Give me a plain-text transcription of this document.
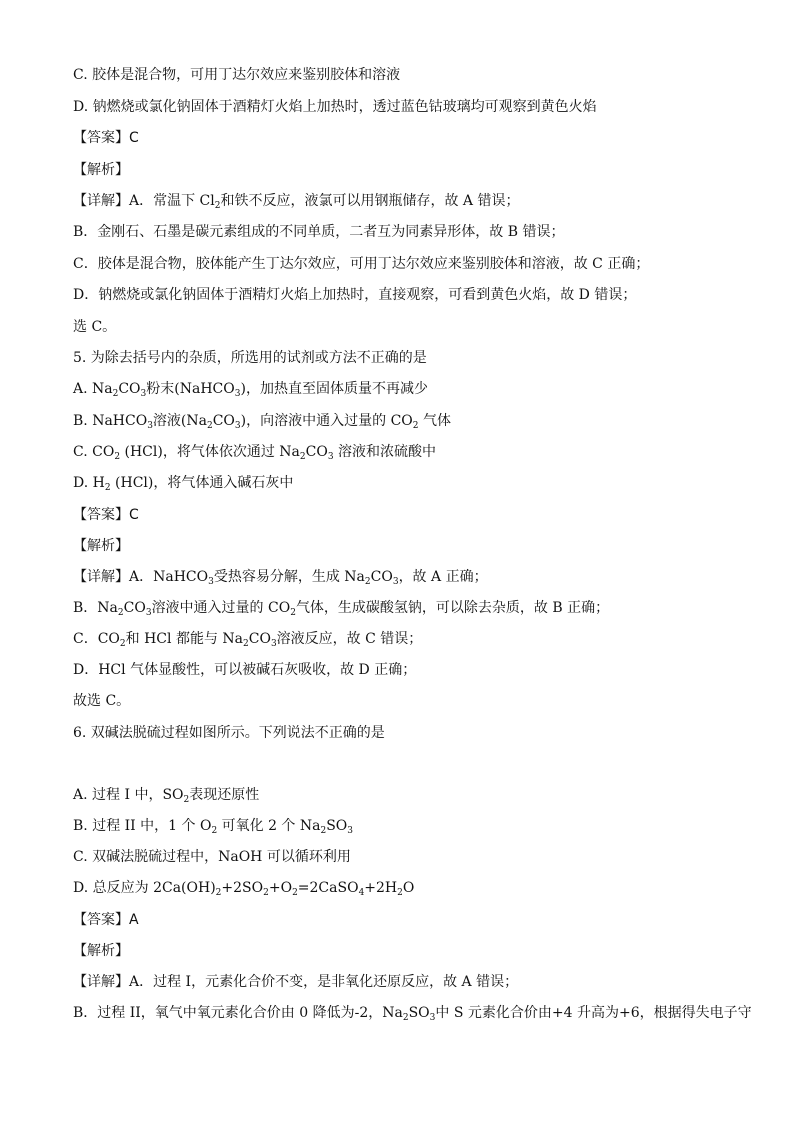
C. 胶体是混合物，可用丁达尔效应来鉴别胶体和溶液
D. 钠燃烧或氯化钠固体于酒精灯火焰上加热时，透过蓝色钴玻璃均可观察到黄色火焰
【答案】C
【解析】
【详解】A．常温下 $Cl_2$和铁不反应，液氯可以用钢瓶储存，故 A 错误；
B．金刚石、石墨是碳元素组成的不同单质，二者互为同素异形体，故 B 错误；
C．胶体是混合物，胶体能产生丁达尔效应，可用丁达尔效应来鉴别胶体和溶液，故 C 正确；
D．钠燃烧或氯化钠固体于酒精灯火焰上加热时，直接观察，可看到黄色火焰，故 D 错误；
选 C。
5. 为除去括号内的杂质，所选用的试剂或方法不正确的是
A. $Na_2CO_3$粉末(NaHCO$_3$)，加热直至固体质量不再减少
B. NaHCO$_3$溶液$(Na_2CO_3)$，向溶液中通入过量的 $CO_2$ 气体
C. $CO_2$ (HCl)，将气体依次通过 $Na_2CO_3$ 溶液和浓硫酸中
D. $H_2$ (HCl)，将气体通入碱石灰中
【答案】C
【解析】
【详解】A．NaHCO$_3$受热容易分解，生成 $Na_2CO_3$，故 A 正确；
B．$Na_2CO_3$溶液中通入过量的 $CO_2$气体，生成碳酸氢钠，可以除去杂质，故 B 正确；
C．$CO_2$和 HCl 都能与 $Na_2CO_3$溶液反应，故 C 错误；
D．HCl 气体显酸性，可以被碱石灰吸收，故 D 正确；
故选 C。
6. 双碱法脱硫过程如图所示。下列说法不正确的是
A. 过程 I 中，$SO_2$表现还原性
B. 过程 II 中，1 个 $O_2$ 可氧化 2 个 $Na_2SO_3$
C. 双碱法脱硫过程中，NaOH 可以循环利用
D. 总反应为 $2Ca(OH)_2+2SO_2+O_2=2CaSO_4+2H_2O$
【答案】A
【解析】
【详解】A．过程 I，元素化合价不变，是非氧化还原反应，故 A 错误；
B．过程 II，氧气中氧元素化合价由 0 降低为-2，$Na_2SO_3$中 S 元素化合价由+4 升高为+6，根据得失电子守
